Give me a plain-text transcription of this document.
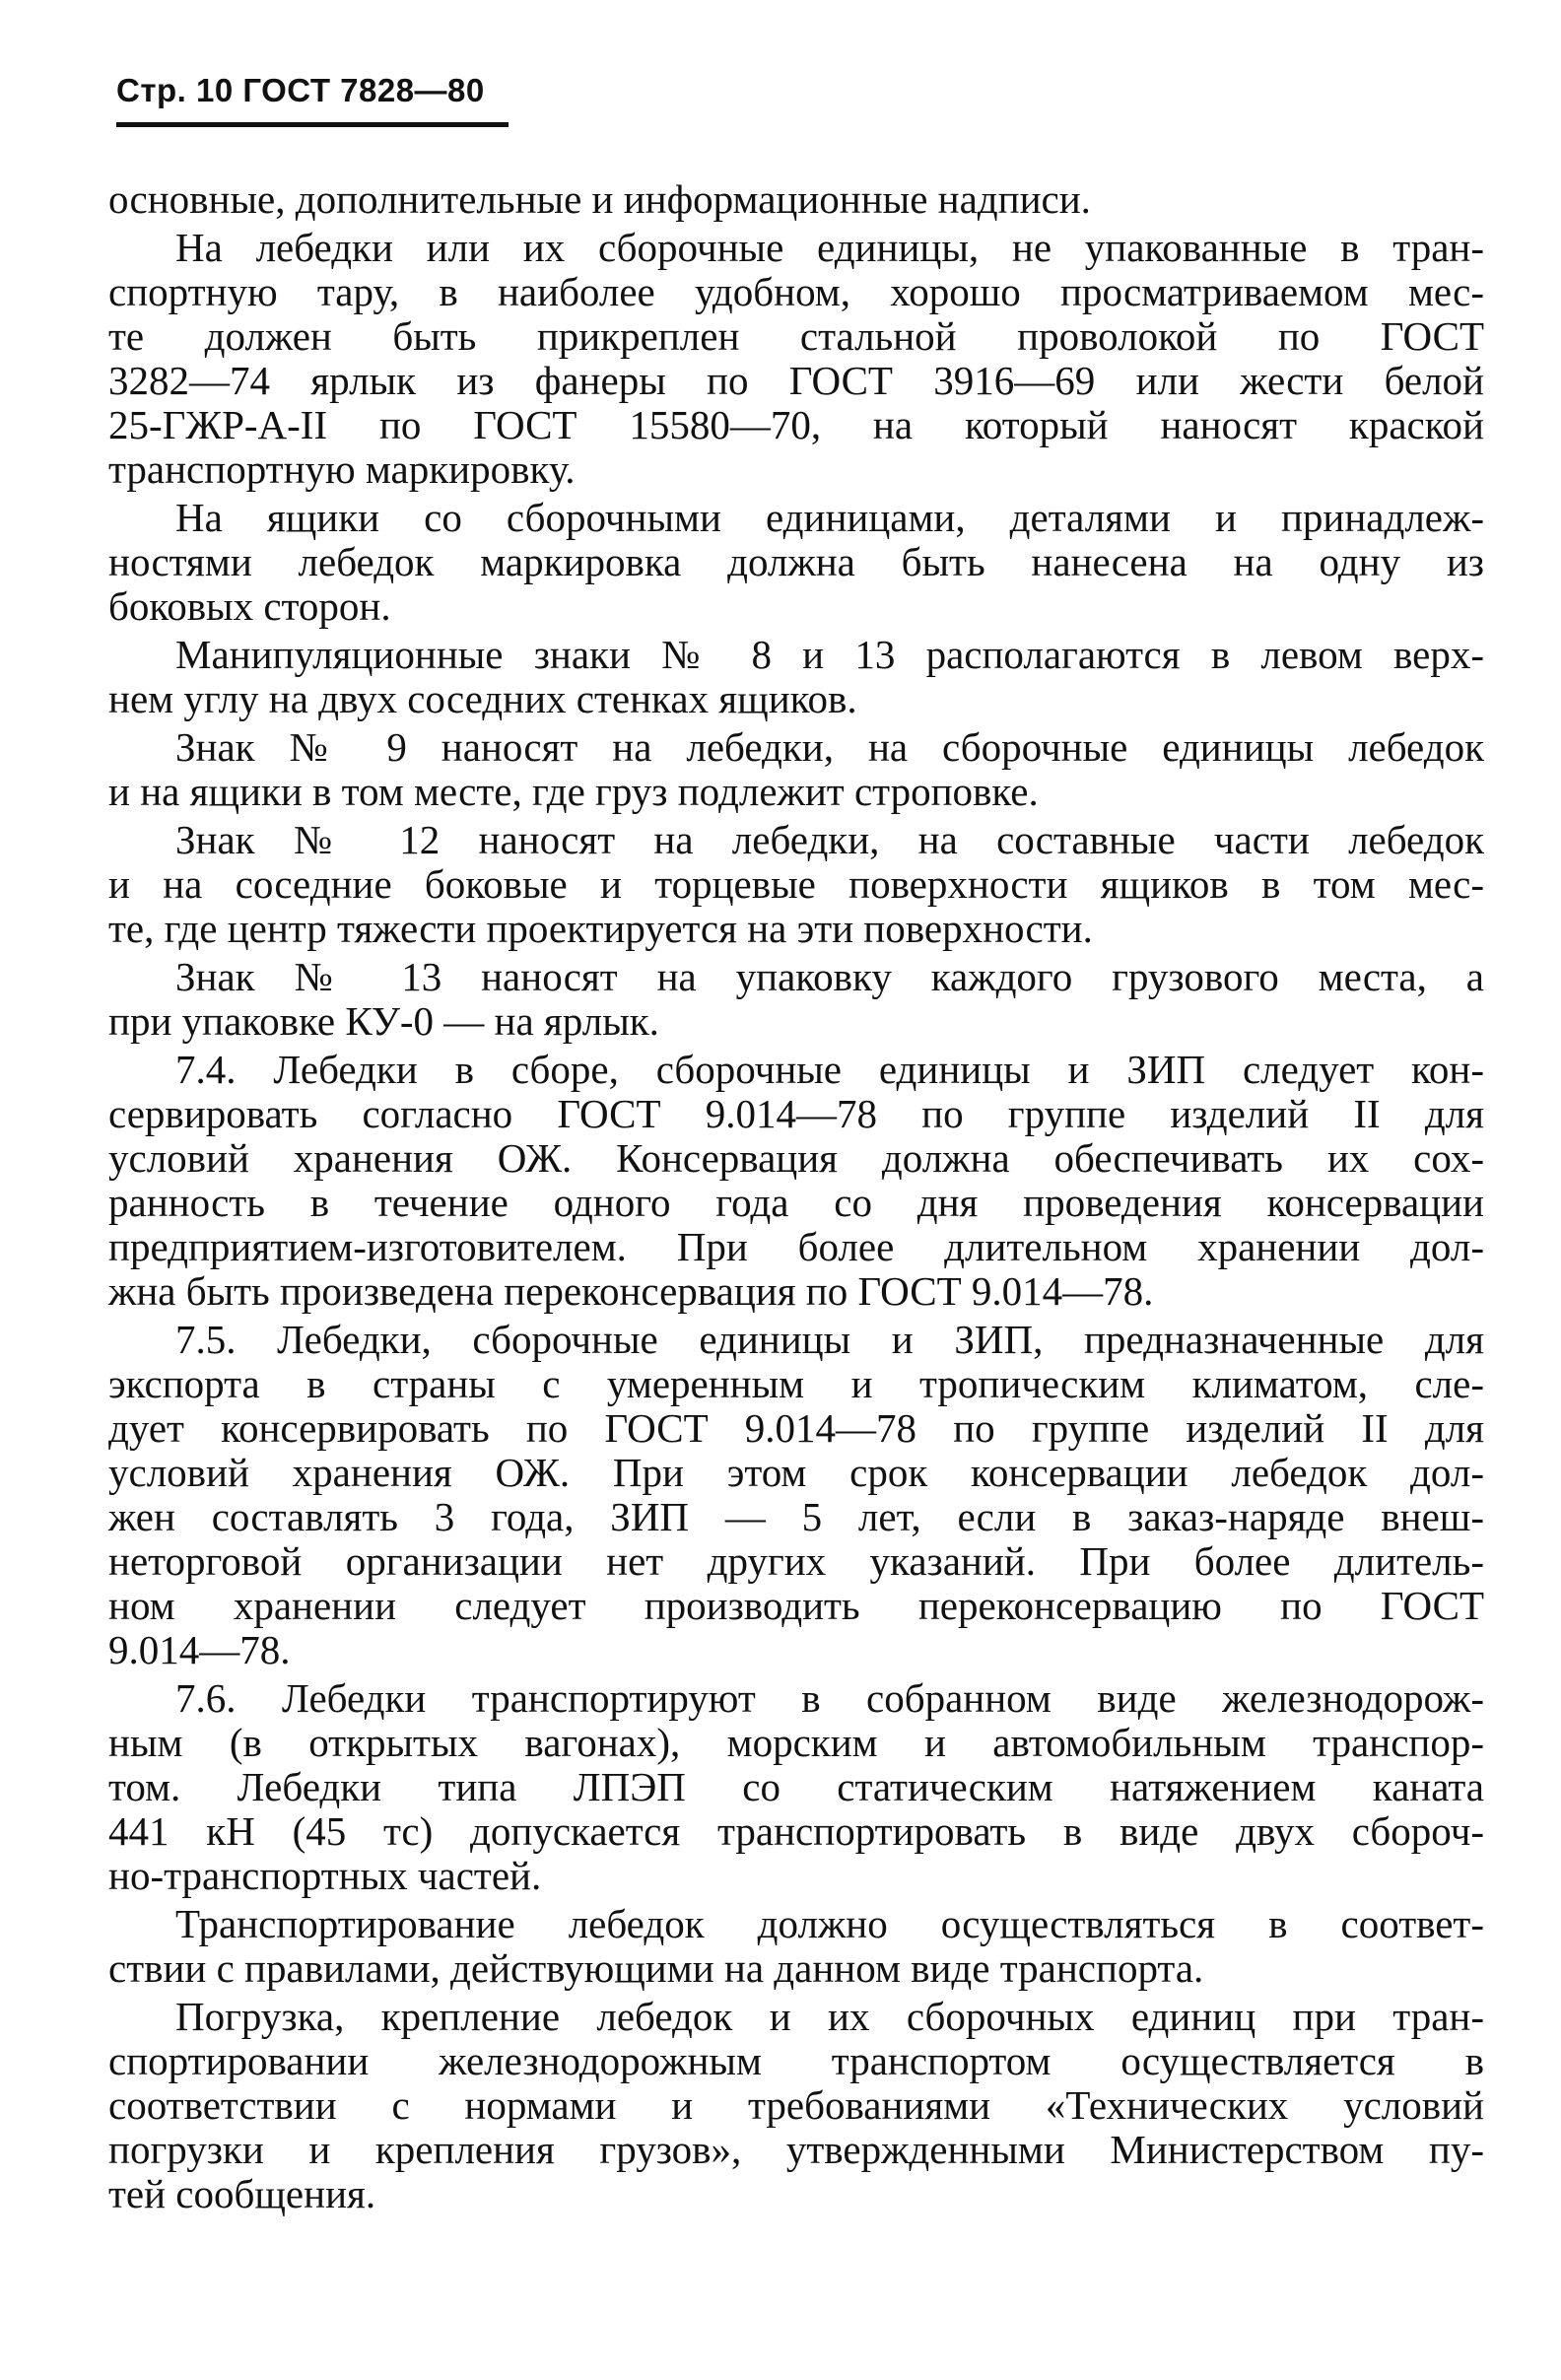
Стр. 10 ГОСТ 7828—80
основные, дополнительные и информационные надписи.
На лебедки или их сборочные единицы, не упакованные в тран-
спортную тару, в наиболее удобном, хорошо просматриваемом мес-
те должен быть прикреплен стальной проволокой по ГОСТ
3282—74 ярлык из фанеры по ГОСТ 3916—69 или жести белой
25-ГЖР-А-II по ГОСТ 15580—70, на который наносят краской
транспортную маркировку.
На ящики со сборочными единицами, деталями и принадлеж-
ностями лебедок маркировка должна быть нанесена на одну из
боковых сторон.
Манипуляционные знаки № 8 и 13 располагаются в левом верх-
нем углу на двух соседних стенках ящиков.
Знак № 9 наносят на лебедки, на сборочные единицы лебедок
и на ящики в том месте, где груз подлежит строповке.
Знак № 12 наносят на лебедки, на составные части лебедок
и на соседние боковые и торцевые поверхности ящиков в том мес-
те, где центр тяжести проектируется на эти поверхности.
Знак № 13 наносят на упаковку каждого грузового места, а
при упаковке КУ-0 — на ярлык.
7.4. Лебедки в сборе, сборочные единицы и ЗИП следует кон-
сервировать согласно ГОСТ 9.014—78 по группе изделий II для
условий хранения ОЖ. Консервация должна обеспечивать их сох-
ранность в течение одного года со дня проведения консервации
предприятием-изготовителем. При более длительном хранении дол-
жна быть произведена переконсервация по ГОСТ 9.014—78.
7.5. Лебедки, сборочные единицы и ЗИП, предназначенные для
экспорта в страны с умеренным и тропическим климатом, сле-
дует консервировать по ГОСТ 9.014—78 по группе изделий II для
условий хранения ОЖ. При этом срок консервации лебедок дол-
жен составлять 3 года, ЗИП — 5 лет, если в заказ-наряде внеш-
неторговой организации нет других указаний. При более длитель-
ном хранении следует производить переконсервацию по ГОСТ
9.014—78.
7.6. Лебедки транспортируют в собранном виде железнодорож-
ным (в открытых вагонах), морским и автомобильным транспор-
том. Лебедки типа ЛПЭП со статическим натяжением каната
441 кН (45 тс) допускается транспортировать в виде двух сбороч-
но-транспортных частей.
Транспортирование лебедок должно осуществляться в соответ-
ствии с правилами, действующими на данном виде транспорта.
Погрузка, крепление лебедок и их сборочных единиц при тран-
спортировании железнодорожным транспортом осуществляется в
соответствии с нормами и требованиями «Технических условий
погрузки и крепления грузов», утвержденными Министерством пу-
тей сообщения.
